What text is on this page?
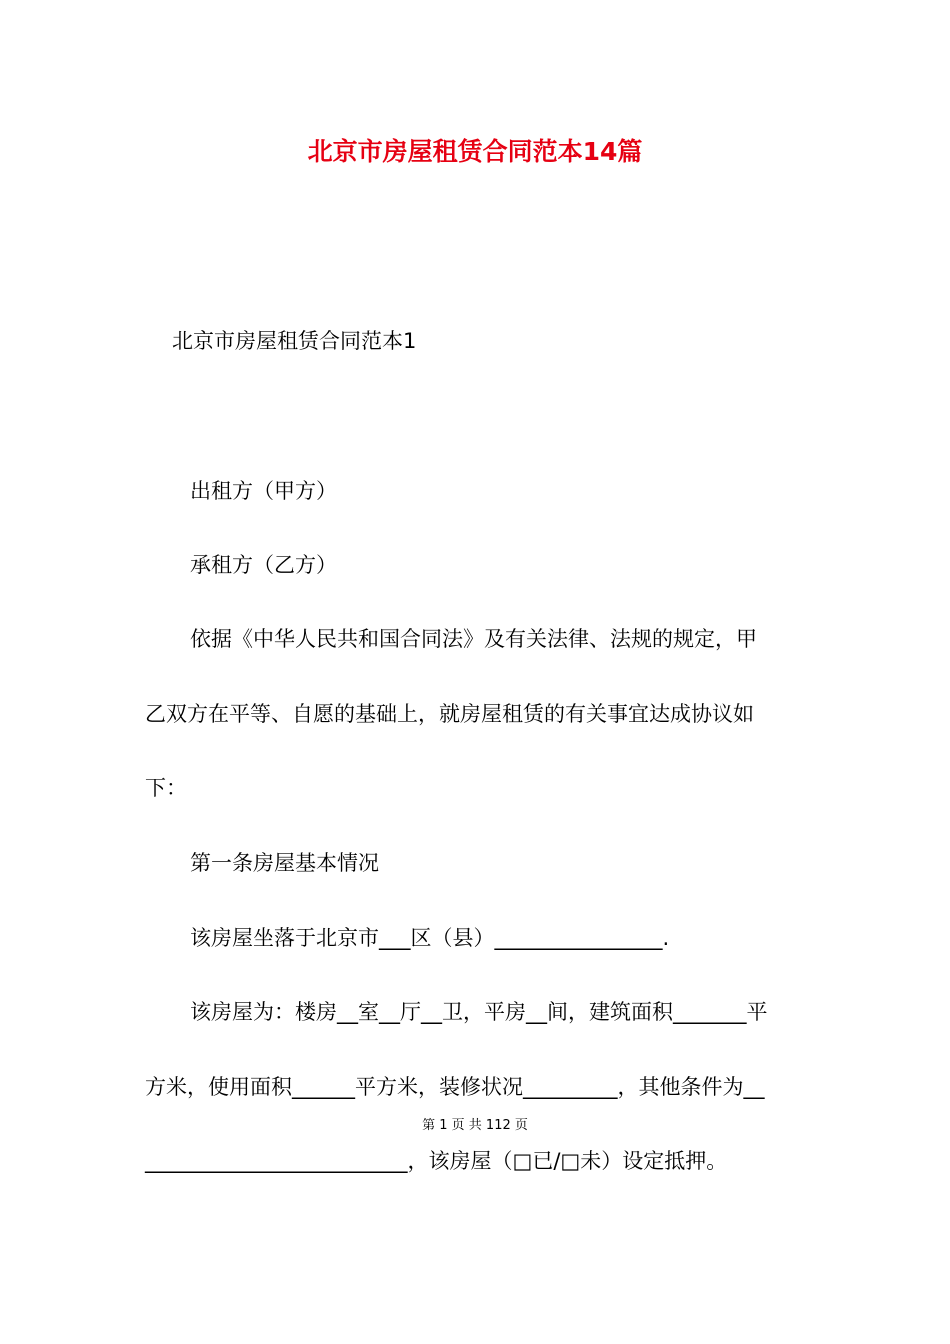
北京市房屋租赁合同范本14篇
北京市房屋租赁合同范本1
出租方（甲方）
承租方（乙方）
依据《中华人民共和国合同法》及有关法律、法规的规定，甲
乙双方在平等、自愿的基础上，就房屋租赁的有关事宜达成协议如
下：
第一条房屋基本情况
该房屋坐落于北京市___区（县）________________.
该房屋为：楼房__室__厅__卫，平房__间，建筑面积_______平
方米，使用面积______平方米，装修状况_________，其他条件为__
第 1 页 共 112 页
_________________________，该房屋（□已/□未）设定抵押。
